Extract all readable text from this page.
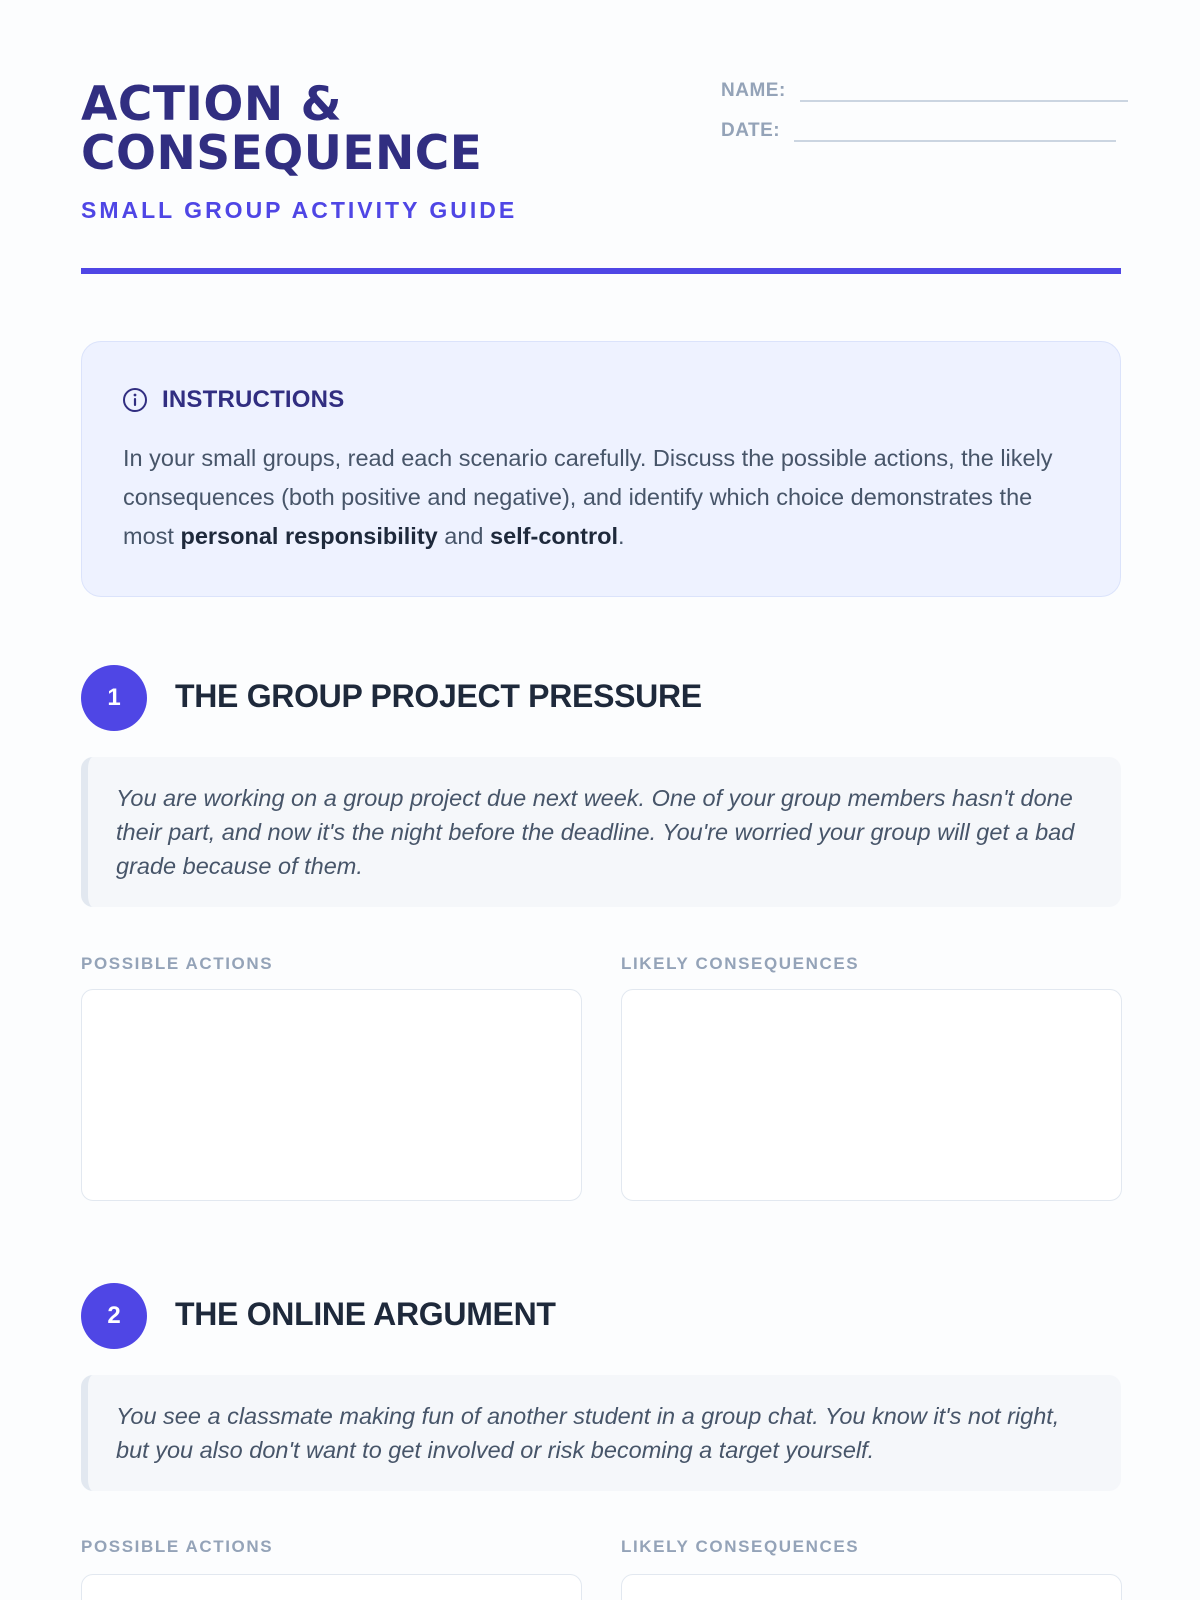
ACTION & CONSEQUENCE
SMALL GROUP ACTIVITY GUIDE
NAME:
DATE:
INSTRUCTIONS

In your small groups, read each scenario carefully. Discuss the possible actions, the likely consequences (both positive and negative), and identify which choice demonstrates the most personal responsibility and self-control.

1	THE GROUP PROJECT PRESSURE

You are working on a group project due next week. One of your group members hasn't done their part, and now it's the night before the deadline. You're worried your group will get a bad grade because of them.

POSSIBLE ACTIONS	LIKELY CONSEQUENCES
2	THE ONLINE ARGUMENT

You see a classmate making fun of another student in a group chat. You know it's not right, but you also don't want to get involved or risk becoming a target yourself.

POSSIBLE ACTIONS	LIKELY CONSEQUENCES
